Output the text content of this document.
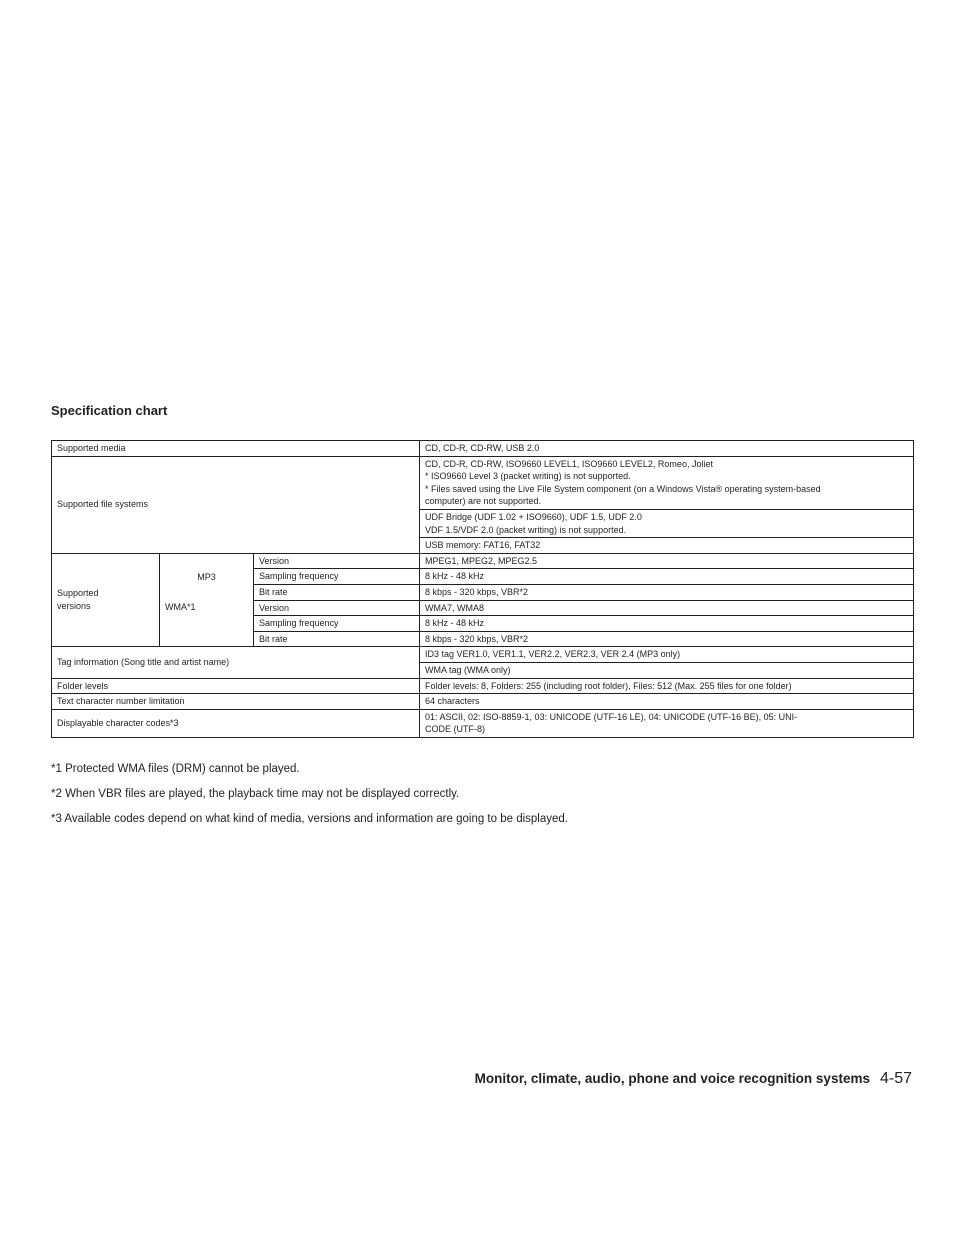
Specification chart
Supported media			CD, CD-R, CD-RW, USB 2.0
Supported file systems			CD, CD-R, CD-RW, ISO9660 LEVEL1, ISO9660 LEVEL2, Romeo, Joliet
* ISO9660 Level 3 (packet writing) is not supported.
* Files saved using the Live File System component (on a Windows Vista® operating system-based
computer) are not supported.

			UDF Bridge (UDF 1.02 + ISO9660), UDF 1.5, UDF 2.0
VDF 1.5/VDF 2.0 (packet writing) is not supported.

			USB memory: FAT16, FAT32

Supported
versions	MP3	Version	MPEG1, MPEG2, MPEG2.5
		Sampling frequency	8 kHz - 48 kHz
		Bit rate	8 kbps - 320 kbps, VBR*2
	WMA*1	Version	WMA7, WMA8
		Sampling frequency	8 kHz - 48 kHz
		Bit rate	8 kbps - 320 kbps, VBR*2
Tag information (Song title and artist name)			ID3 tag VER1.0, VER1.1, VER2.2, VER2.3, VER 2.4 (MP3 only)
			WMA tag (WMA only)
Folder levels			Folder levels: 8, Folders: 255 (including root folder), Files: 512 (Max. 255 files for one folder)
Text character number limitation			64 characters
Displayable character codes*3			01: ASCII, 02: ISO-8859-1, 03: UNICODE (UTF-16 LE), 04: UNICODE (UTF-16 BE), 05: UNI-
CODE (UTF-8)
*1 Protected WMA files (DRM) cannot be played.
*2 When VBR files are played, the playback time may not be displayed correctly.
*3 Available codes depend on what kind of media, versions and information are going to be displayed.
Monitor, climate, audio, phone and voice recognition systems 4-57
